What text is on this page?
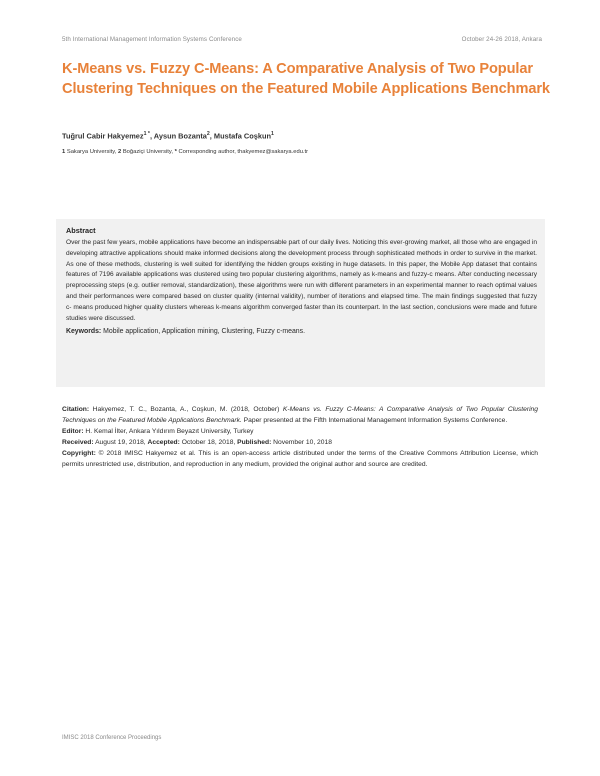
5th International Management Information Systems Conference	October 24-26 2018, Ankara
K-Means vs. Fuzzy C-Means: A Comparative Analysis of Two Popular Clustering Techniques on the Featured Mobile Applications Benchmark
Tuğrul Cabir Hakyemez$^{1 *}$, Aysun Bozanta$^2$, Mustafa Coşkun$^1$
1 Sakarya University, 2 Boğaziçi University, * Corresponding author, thakyemez@sakarya.edu.tr
Abstract

Over the past few years, mobile applications have become an indispensable part of our daily lives. Noticing this ever-growing market, all those who are engaged in developing attractive applications should make informed decisions along the development process through sophisticated methods in order to survive in the market. As one of these methods, clustering is well suited for identifying the hidden groups existing in huge datasets. In this paper, the Mobile App dataset that contains features of 7196 available applications was clustered using two popular clustering algorithms, namely as k-means and fuzzy-c means. After conducting necessary preprocessing steps (e.g. outlier removal, standardization), these algorithms were run with different parameters in an experimental manner to reach optimal values and their performances were compared based on cluster quality (internal validity), number of iterations and elapsed time. The main findings suggested that fuzzy c- means produced higher quality clusters whereas k-means algorithm converged faster than its counterpart. In the last section, conclusions were made and future studies were discussed.

Keywords: Mobile application, Application mining, Clustering, Fuzzy c-means.
Citation: Hakyemez, T. C., Bozanta, A., Coşkun, M. (2018, October) K-Means vs. Fuzzy C-Means: A Comparative Analysis of Two Popular Clustering Techniques on the Featured Mobile Applications Benchmark. Paper presented at the Fifth International Management Information Systems Conference.
Editor: H. Kemal İlter, Ankara Yıldırım Beyazıt University, Turkey
Received: August 19, 2018, Accepted: October 18, 2018, Published: November 10, 2018
Copyright: © 2018 IMISC Hakyemez et al. This is an open-access article distributed under the terms of the Creative Commons Attribution License, which permits unrestricted use, distribution, and reproduction in any medium, provided the original author and source are credited.
IMISC 2018 Conference Proceedings
